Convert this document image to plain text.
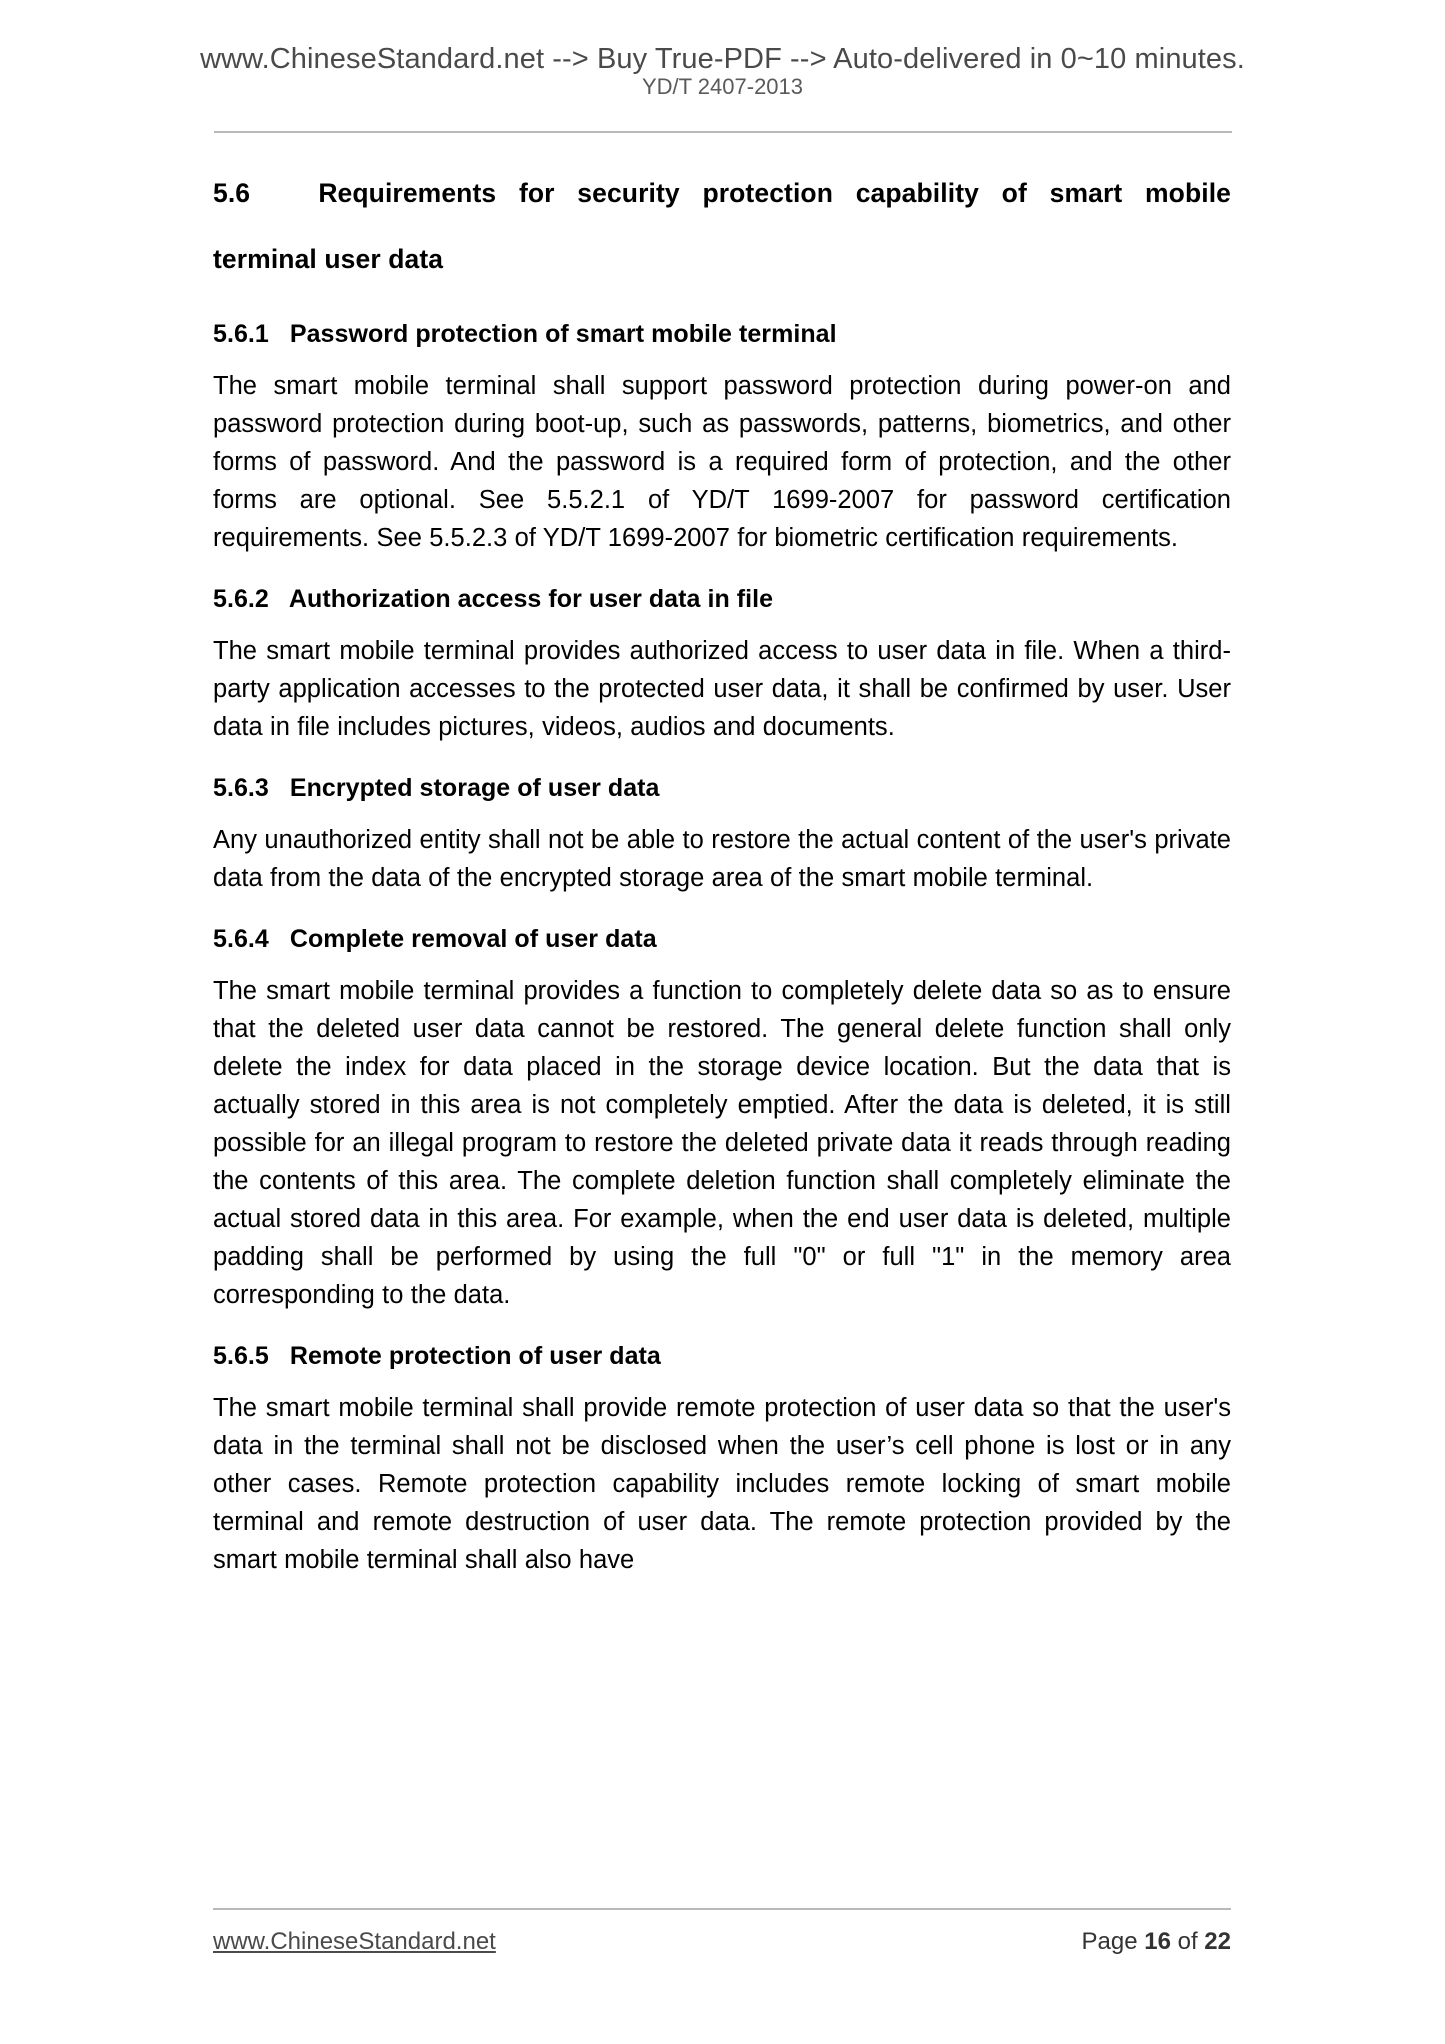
www.ChineseStandard.net --> Buy True-PDF --> Auto-delivered in 0~10 minutes.
YD/T 2407-2013
5.6	Requirements for security protection capability of smart mobile
terminal user data
5.6.1 Password protection of smart mobile terminal

The smart mobile terminal shall support password protection during power-on and password protection during boot-up, such as passwords, patterns, biometrics, and other forms of password. And the password is a required form of protection, and the other forms are optional. See 5.5.2.1 of YD/T 1699-2007 for password certification requirements. See 5.5.2.3 of YD/T 1699-2007 for biometric certification requirements.

5.6.2 Authorization access for user data in file

The smart mobile terminal provides authorized access to user data in file. When a third-party application accesses to the protected user data, it shall be confirmed by user. User data in file includes pictures, videos, audios and documents.

5.6.3 Encrypted storage of user data

Any unauthorized entity shall not be able to restore the actual content of the user's private data from the data of the encrypted storage area of the smart mobile terminal.

5.6.4 Complete removal of user data

The smart mobile terminal provides a function to completely delete data so as to ensure that the deleted user data cannot be restored. The general delete function shall only delete the index for data placed in the storage device location. But the data that is actually stored in this area is not completely emptied. After the data is deleted, it is still possible for an illegal program to restore the deleted private data it reads through reading the contents of this area. The complete deletion function shall completely eliminate the actual stored data in this area. For example, when the end user data is deleted, multiple padding shall be performed by using the full "0" or full "1" in the memory area corresponding to the data.

5.6.5 Remote protection of user data

The smart mobile terminal shall provide remote protection of user data so that the user's data in the terminal shall not be disclosed when the user’s cell phone is lost or in any other cases. Remote protection capability includes remote locking of smart mobile terminal and remote destruction of user data. The remote protection provided by the smart mobile terminal shall also have

www.ChineseStandard.net	Page 16 of 22
